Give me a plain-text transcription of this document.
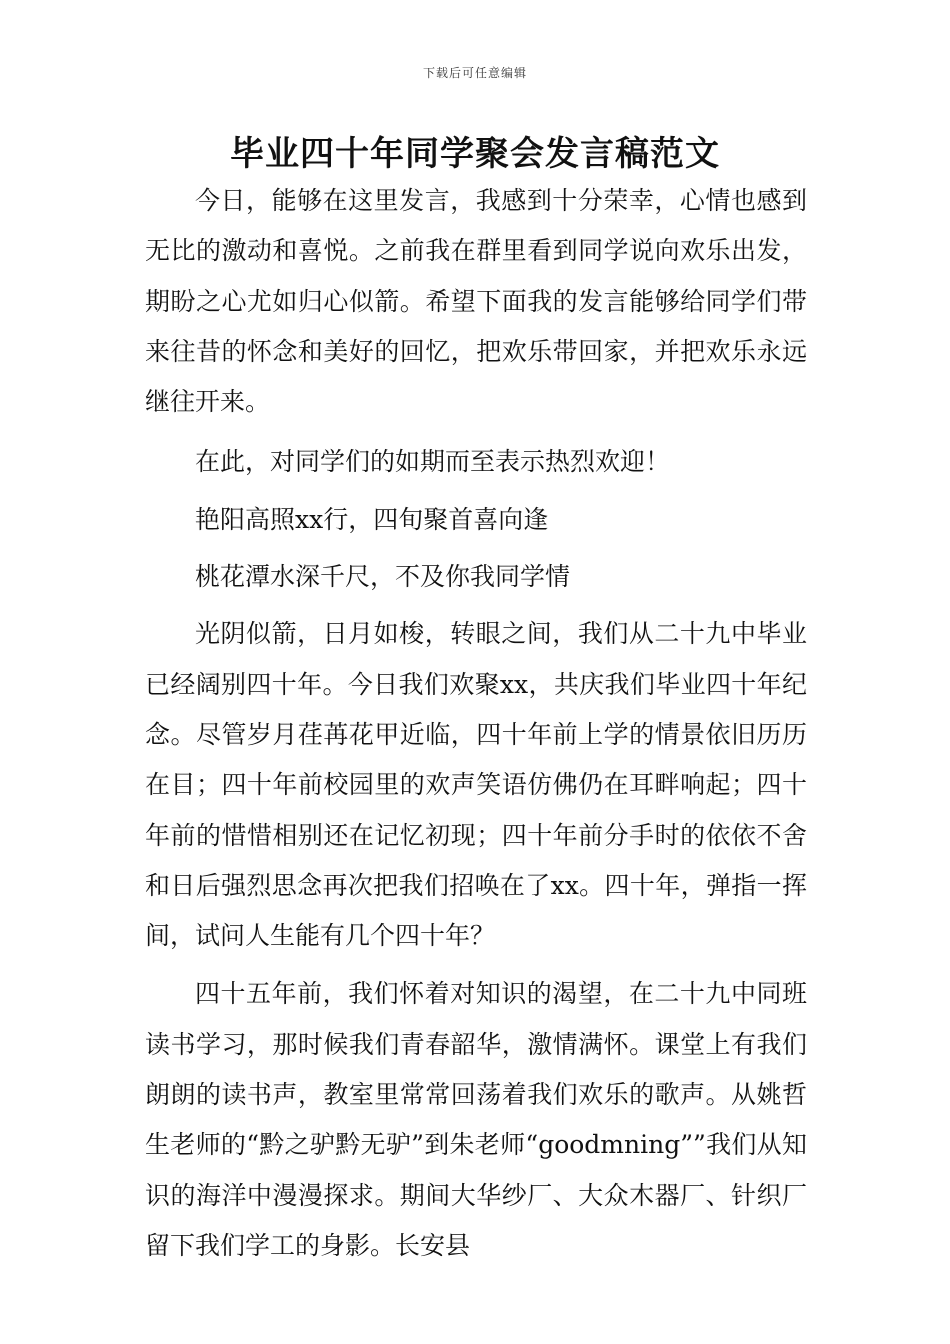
下载后可任意编辑
毕业四十年同学聚会发言稿范文

今日，能够在这里发言，我感到十分荣幸，心情也感到无比的激动和喜悦。之前我在群里看到同学说向欢乐出发，期盼之心尤如归心似箭。希望下面我的发言能够给同学们带来往昔的怀念和美好的回忆，把欢乐带回家，并把欢乐永远继往开来。

在此，对同学们的如期而至表示热烈欢迎！

艳阳高照xx行，四旬聚首喜向逢

桃花潭水深千尺，不及你我同学情

光阴似箭，日月如梭，转眼之间，我们从二十九中毕业已经阔别四十年。今日我们欢聚xx，共庆我们毕业四十年纪念。尽管岁月荏苒花甲近临，四十年前上学的情景依旧历历在目；四十年前校园里的欢声笑语仿佛仍在耳畔响起；四十年前的惜惜相别还在记忆初现；四十年前分手时的依依不舍和日后强烈思念再次把我们招唤在了xx。四十年，弹指一挥间，试问人生能有几个四十年？

四十五年前，我们怀着对知识的渴望，在二十九中同班读书学习，那时候我们青春韶华，激情满怀。课堂上有我们朗朗的读书声，教室里常常回荡着我们欢乐的歌声。从姚哲生老师的“黔之驴黔无驴”到朱老师“goodmning””我们从知识的海洋中漫漫探求。期间大华纱厂、大众木器厂、针织厂留下我们学工的身影。长安县
